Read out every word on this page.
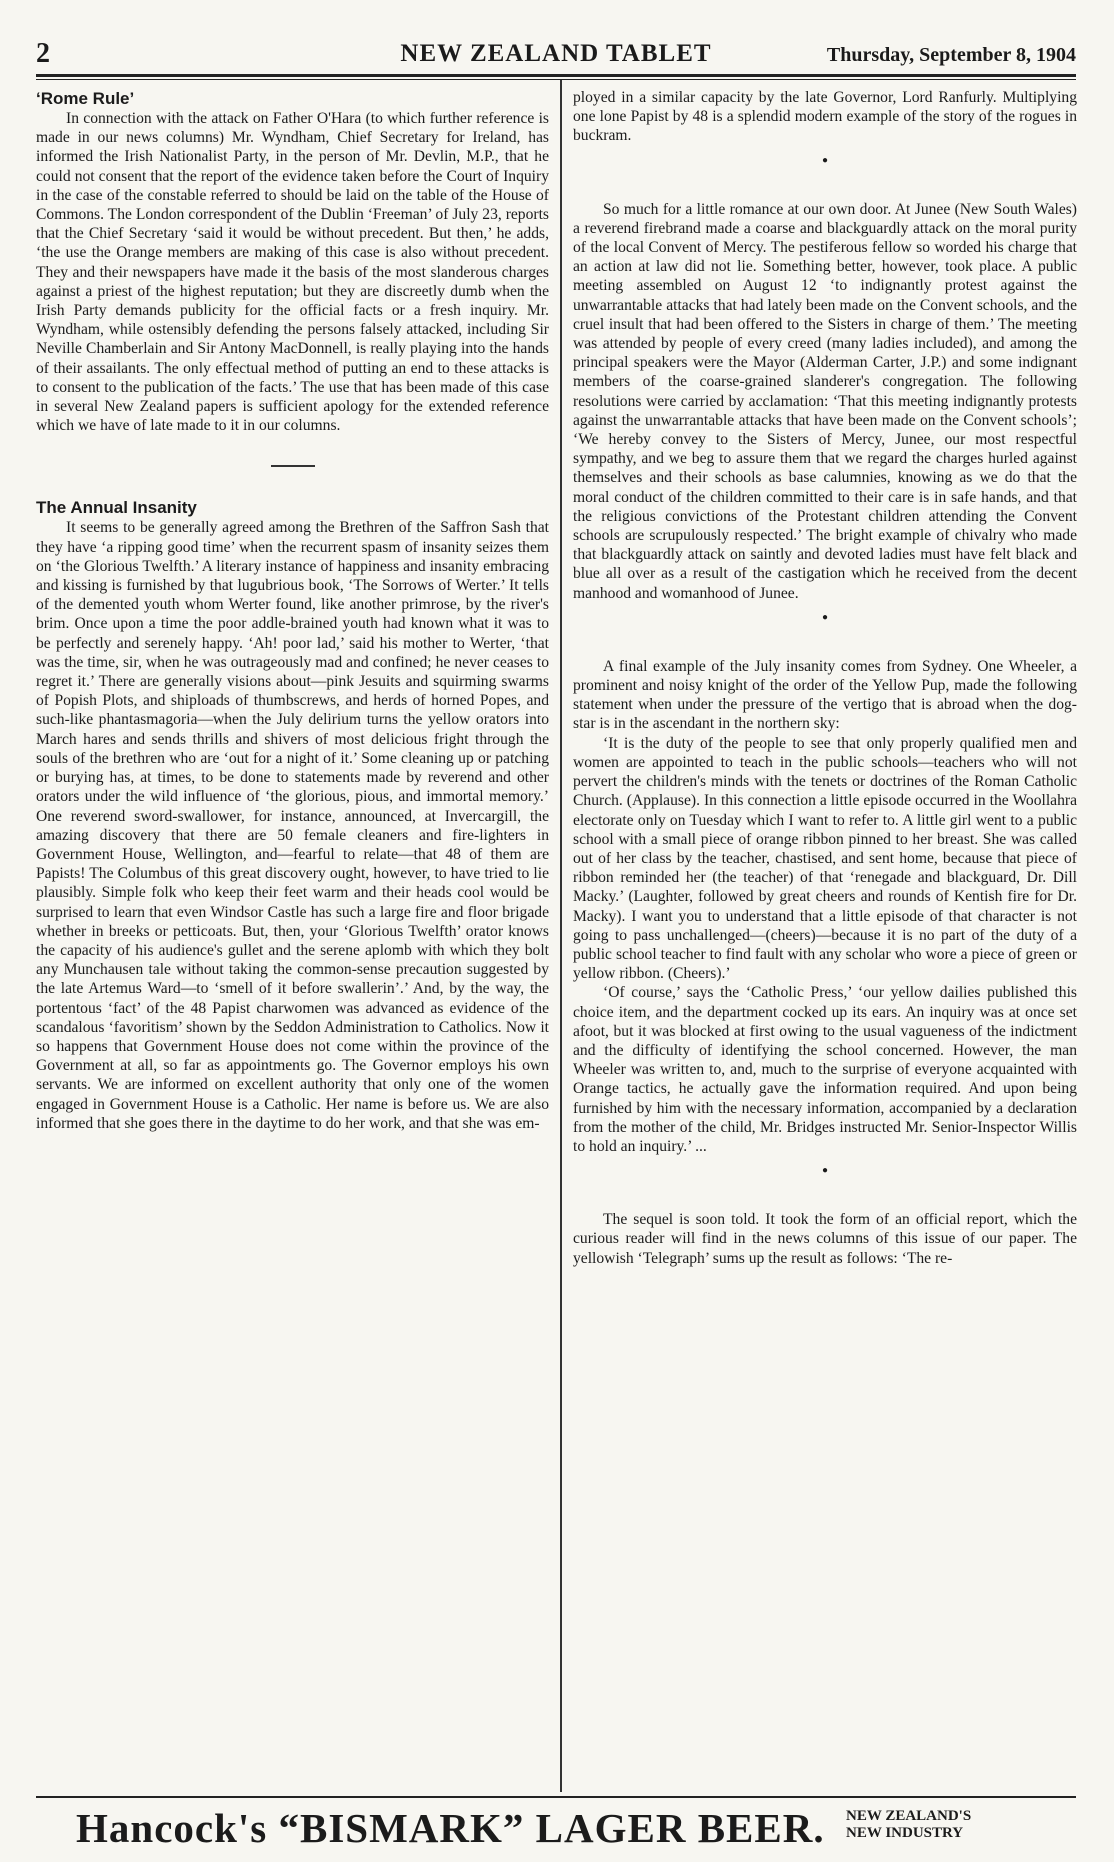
2	NEW ZEALAND TABLET	Thursday, September 8, 1904
‘Rome Rule’

In connection with the attack on Father O'Hara (to which further reference is made in our news columns) Mr. Wyndham, Chief Secretary for Ireland, has informed the Irish Nationalist Party, in the person of Mr. Devlin, M.P., that he could not consent that the report of the evidence taken before the Court of Inquiry in the case of the constable referred to should be laid on the table of the House of Commons. The London correspondent of the Dublin ‘Freeman’ of July 23, reports that the Chief Secretary ‘said it would be without precedent. But then,’ he adds, ‘the use the Orange members are making of this case is also without precedent. They and their newspapers have made it the basis of the most slanderous charges against a priest of the highest reputation; but they are discreetly dumb when the Irish Party demands publicity for the official facts or a fresh inquiry. Mr. Wyndham, while ostensibly defending the persons falsely attacked, including Sir Neville Chamberlain and Sir Antony MacDonnell, is really playing into the hands of their assailants. The only effectual method of putting an end to these attacks is to consent to the publication of the facts.’ The use that has been made of this case in several New Zealand papers is sufficient apology for the extended reference which we have of late made to it in our columns.

The Annual Insanity

It seems to be generally agreed among the Brethren of the Saffron Sash that they have ‘a ripping good time’ when the recurrent spasm of insanity seizes them on ‘the Glorious Twelfth.’ A literary instance of happiness and insanity embracing and kissing is furnished by that lugubrious book, ‘The Sorrows of Werter.’ It tells of the demented youth whom Werter found, like another primrose, by the river's brim. Once upon a time the poor addle-brained youth had known what it was to be perfectly and serenely happy. ‘Ah! poor lad,’ said his mother to Werter, ‘that was the time, sir, when he was outrageously mad and confined; he never ceases to regret it.’ There are generally visions about—pink Jesuits and squirming swarms of Popish Plots, and shiploads of thumbscrews, and herds of horned Popes, and such-like phantasmagoria—when the July delirium turns the yellow orators into March hares and sends thrills and shivers of most delicious fright through the souls of the brethren who are ‘out for a night of it.’ Some cleaning up or patching or burying has, at times, to be done to statements made by reverend and other orators under the wild influence of ‘the glorious, pious, and immortal memory.’ One reverend sword-swallower, for instance, announced, at Invercargill, the amazing discovery that there are 50 female cleaners and fire-lighters in Government House, Wellington, and—fearful to relate—that 48 of them are Papists! The Columbus of this great discovery ought, however, to have tried to lie plausibly. Simple folk who keep their feet warm and their heads cool would be surprised to learn that even Windsor Castle has such a large fire and floor brigade whether in breeks or petticoats. But, then, your ‘Glorious Twelfth’ orator knows the capacity of his audience's gullet and the serene aplomb with which they bolt any Munchausen tale without taking the common-sense precaution suggested by the late Artemus Ward—to ‘smell of it before swallerin’.’ And, by the way, the portentous ‘fact’ of the 48 Papist charwomen was advanced as evidence of the scandalous ‘favoritism’ shown by the Seddon Administration to Catholics. Now it so happens that Government House does not come within the province of the Government at all, so far as appointments go. The Governor employs his own servants. We are informed on excellent authority that only one of the women engaged in Government House is a Catholic. Her name is before us. We are also informed that she goes there in the daytime to do her work, and that she was em-

ployed in a similar capacity by the late Governor, Lord Ranfurly. Multiplying one lone Papist by 48 is a splendid modern example of the story of the rogues in buckram.

●

So much for a little romance at our own door. At Junee (New South Wales) a reverend firebrand made a coarse and blackguardly attack on the moral purity of the local Convent of Mercy. The pestiferous fellow so worded his charge that an action at law did not lie. Something better, however, took place. A public meeting assembled on August 12 ‘to indignantly protest against the unwarrantable attacks that had lately been made on the Convent schools, and the cruel insult that had been offered to the Sisters in charge of them.’ The meeting was attended by people of every creed (many ladies included), and among the principal speakers were the Mayor (Alderman Carter, J.P.) and some indignant members of the coarse-grained slanderer's congregation. The following resolutions were carried by acclamation: ‘That this meeting indignantly protests against the unwarrantable attacks that have been made on the Convent schools’; ‘We hereby convey to the Sisters of Mercy, Junee, our most respectful sympathy, and we beg to assure them that we regard the charges hurled against themselves and their schools as base calumnies, knowing as we do that the moral conduct of the children committed to their care is in safe hands, and that the religious convictions of the Protestant children attending the Convent schools are scrupulously respected.’ The bright example of chivalry who made that blackguardly attack on saintly and devoted ladies must have felt black and blue all over as a result of the castigation which he received from the decent manhood and womanhood of Junee.

●

A final example of the July insanity comes from Sydney. One Wheeler, a prominent and noisy knight of the order of the Yellow Pup, made the following statement when under the pressure of the vertigo that is abroad when the dog-star is in the ascendant in the northern sky:

‘It is the duty of the people to see that only properly qualified men and women are appointed to teach in the public schools—teachers who will not pervert the children's minds with the tenets or doctrines of the Roman Catholic Church. (Applause). In this connection a little episode occurred in the Woollahra electorate only on Tuesday which I want to refer to. A little girl went to a public school with a small piece of orange ribbon pinned to her breast. She was called out of her class by the teacher, chastised, and sent home, because that piece of ribbon reminded her (the teacher) of that ‘renegade and blackguard, Dr. Dill Macky.’ (Laughter, followed by great cheers and rounds of Kentish fire for Dr. Macky). I want you to understand that a little episode of that character is not going to pass unchallenged—(cheers)—because it is no part of the duty of a public school teacher to find fault with any scholar who wore a piece of green or yellow ribbon. (Cheers).’

‘Of course,’ says the ‘Catholic Press,’ ‘our yellow dailies published this choice item, and the department cocked up its ears. An inquiry was at once set afoot, but it was blocked at first owing to the usual vagueness of the indictment and the difficulty of identifying the school concerned. However, the man Wheeler was written to, and, much to the surprise of everyone acquainted with Orange tactics, he actually gave the information required. And upon being furnished by him with the necessary information, accompanied by a declaration from the mother of the child, Mr. Bridges instructed Mr. Senior-Inspector Willis to hold an inquiry.’ ...

●

The sequel is soon told. It took the form of an official report, which the curious reader will find in the news columns of this issue of our paper. The yellowish ‘Telegraph’ sums up the result as follows: ‘The re-

Hancock's “BISMARK” LAGER BEER. NEW ZEALAND'S
NEW INDUSTRY
